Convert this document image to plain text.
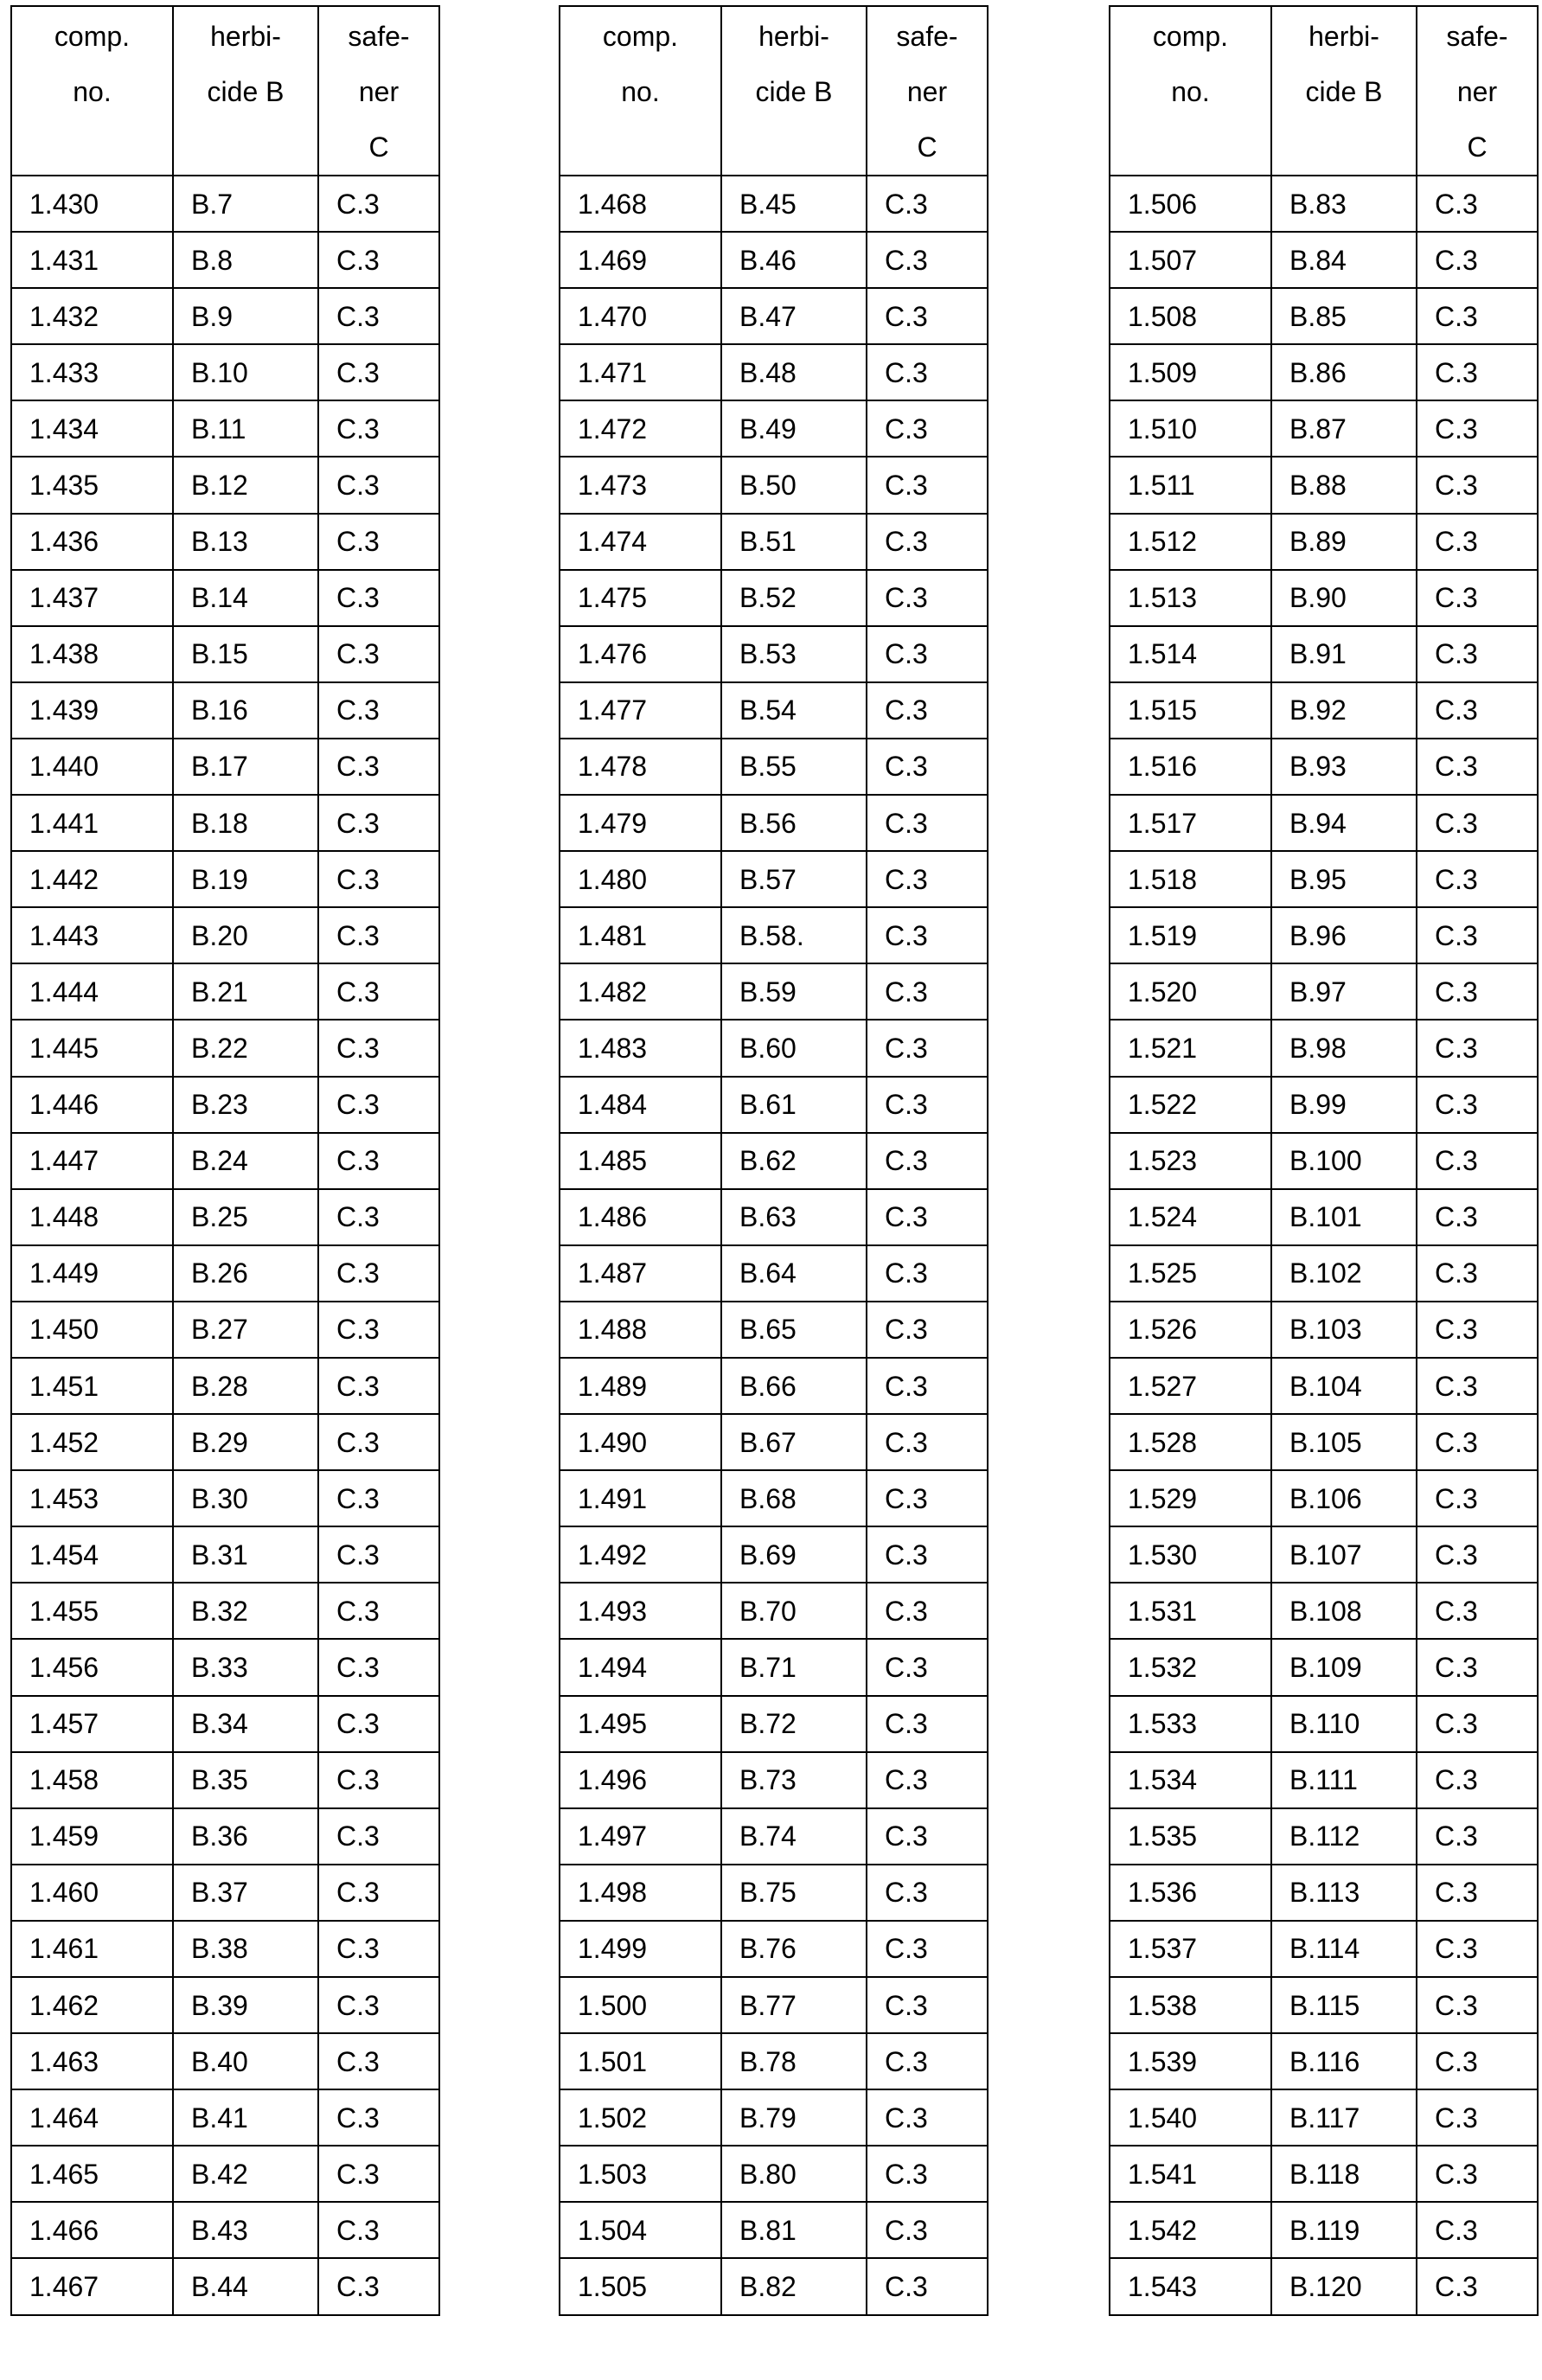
comp.
no.

herbi-
cide B

safe-
ner
C

1.430	B.7	C.3
1.431	B.8	C.3
1.432	B.9	C.3
1.433	B.10	C.3
1.434	B.11	C.3
1.435	B.12	C.3
1.436	B.13	C.3
1.437	B.14	C.3
1.438	B.15	C.3
1.439	B.16	C.3
1.440	B.17	C.3
1.441	B.18	C.3
1.442	B.19	C.3
1.443	B.20	C.3
1.444	B.21	C.3
1.445	B.22	C.3
1.446	B.23	C.3
1.447	B.24	C.3
1.448	B.25	C.3
1.449	B.26	C.3
1.450	B.27	C.3
1.451	B.28	C.3
1.452	B.29	C.3
1.453	B.30	C.3
1.454	B.31	C.3
1.455	B.32	C.3
1.456	B.33	C.3
1.457	B.34	C.3
1.458	B.35	C.3
1.459	B.36	C.3
1.460	B.37	C.3
1.461	B.38	C.3
1.462	B.39	C.3
1.463	B.40	C.3
1.464	B.41	C.3
1.465	B.42	C.3
1.466	B.43	C.3
1.467	B.44	C.3
comp.
no.

herbi-
cide B

safe-
ner
C

1.468	B.45	C.3
1.469	B.46	C.3
1.470	B.47	C.3
1.471	B.48	C.3
1.472	B.49	C.3
1.473	B.50	C.3
1.474	B.51	C.3
1.475	B.52	C.3
1.476	B.53	C.3
1.477	B.54	C.3
1.478	B.55	C.3
1.479	B.56	C.3
1.480	B.57	C.3
1.481	B.58.	C.3
1.482	B.59	C.3
1.483	B.60	C.3
1.484	B.61	C.3
1.485	B.62	C.3
1.486	B.63	C.3
1.487	B.64	C.3
1.488	B.65	C.3
1.489	B.66	C.3
1.490	B.67	C.3
1.491	B.68	C.3
1.492	B.69	C.3
1.493	B.70	C.3
1.494	B.71	C.3
1.495	B.72	C.3
1.496	B.73	C.3
1.497	B.74	C.3
1.498	B.75	C.3
1.499	B.76	C.3
1.500	B.77	C.3
1.501	B.78	C.3
1.502	B.79	C.3
1.503	B.80	C.3
1.504	B.81	C.3
1.505	B.82	C.3
comp.
no.

herbi-
cide B

safe-
ner
C

1.506	B.83	C.3
1.507	B.84	C.3
1.508	B.85	C.3
1.509	B.86	C.3
1.510	B.87	C.3
1.511	B.88	C.3
1.512	B.89	C.3
1.513	B.90	C.3
1.514	B.91	C.3
1.515	B.92	C.3
1.516	B.93	C.3
1.517	B.94	C.3
1.518	B.95	C.3
1.519	B.96	C.3
1.520	B.97	C.3
1.521	B.98	C.3
1.522	B.99	C.3
1.523	B.100	C.3
1.524	B.101	C.3
1.525	B.102	C.3
1.526	B.103	C.3
1.527	B.104	C.3
1.528	B.105	C.3
1.529	B.106	C.3
1.530	B.107	C.3
1.531	B.108	C.3
1.532	B.109	C.3
1.533	B.110	C.3
1.534	B.111	C.3
1.535	B.112	C.3
1.536	B.113	C.3
1.537	B.114	C.3
1.538	B.115	C.3
1.539	B.116	C.3
1.540	B.117	C.3
1.541	B.118	C.3
1.542	B.119	C.3
1.543	B.120	C.3
